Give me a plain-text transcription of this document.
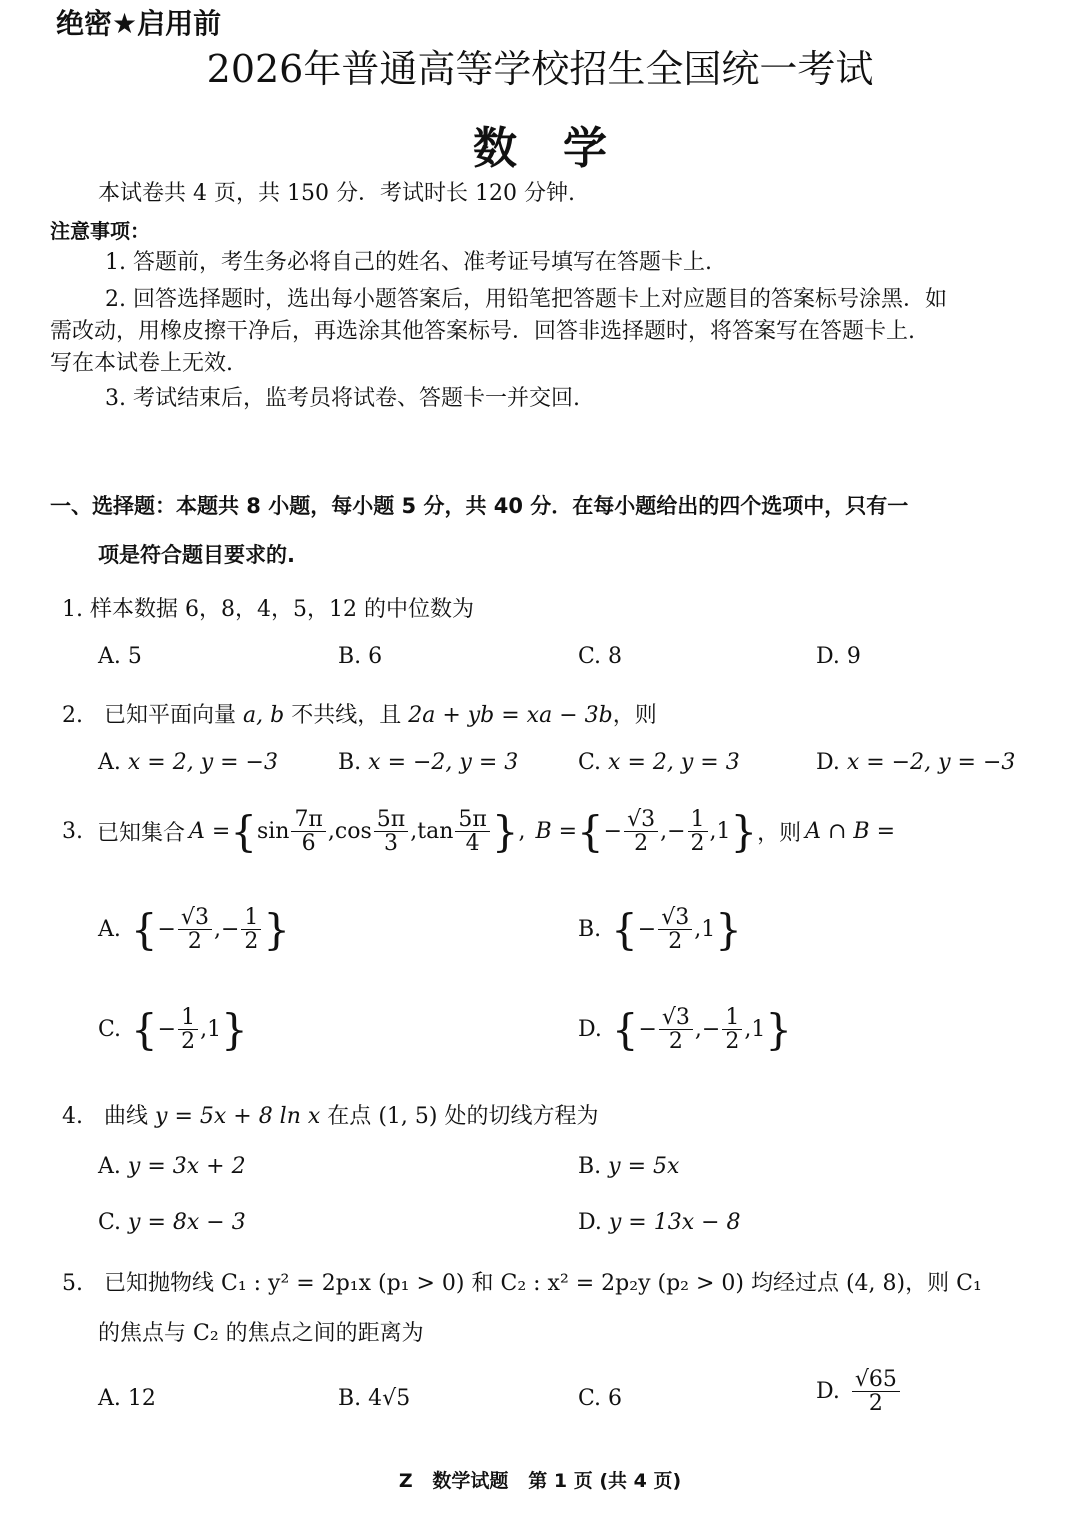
绝密★启用前
2026年普通高等学校招生全国统一考试
数   学
本试卷共 4 页，共 150 分．考试时长 120 分钟.
注意事项：
1. 答题前，考生务必将自己的姓名、准考证号填写在答题卡上.
2. 回答选择题时，选出每小题答案后，用铅笔把答题卡上对应题目的答案标号涂黑．如
需改动，用橡皮擦干净后，再选涂其他答案标号．回答非选择题时，将答案写在答题卡上.
写在本试卷上无效.
3. 考试结束后，监考员将试卷、答题卡一并交回.
一、选择题：本题共 8 小题，每小题 5 分，共 40 分．在每小题给出的四个选项中，只有一
项是符合题目要求的.
1. 样本数据 6，8，4，5，12 的中位数为
A. 5	B. 6	C. 8	D. 9
2. 已知平面向量 a, b 不共线，且 2a + yb = xa − 3b，则
A. x = 2, y = −3	B. x = −2, y = 3	C. x = 2, y = 3	D. x = −2, y = −3
3. 已知集合 A = { $\sin \frac{7\pi}{6}$ , $\cos \frac{5\pi}{3}$ , $\tan \frac{5\pi}{4}$ } , B = { − $\frac{√3}{2}$ , − $\frac{1}{2}$ , 1 } ，则 A ∩ B =
A. { − $\frac{√3}{2}$ , − $\frac{1}{2}$ }	B. { − $\frac{√3}{2}$ , 1 }
C. { − $\frac{1}{2}$ , 1 }	D. { − $\frac{√3}{2}$ , − $\frac{1}{2}$ , 1 }
4. 曲线 y = 5x + 8 ln x 在点 (1, 5) 处的切线方程为
A. y = 3x + 2	B. y = 5x
C. y = 8x − 3	D. y = 13x − 8
5. 已知抛物线 C₁ : y² = 2p₁x (p₁ > 0) 和 C₂ : x² = 2p₂y (p₂ > 0) 均经过点 (4, 8)，则 C₁
的焦点与 C₂ 的焦点之间的距离为
A. 12	B. 4√5	C. 6	D. $\frac{√65}{2}$
Z   数学试题   第 1 页 (共 4 页)
